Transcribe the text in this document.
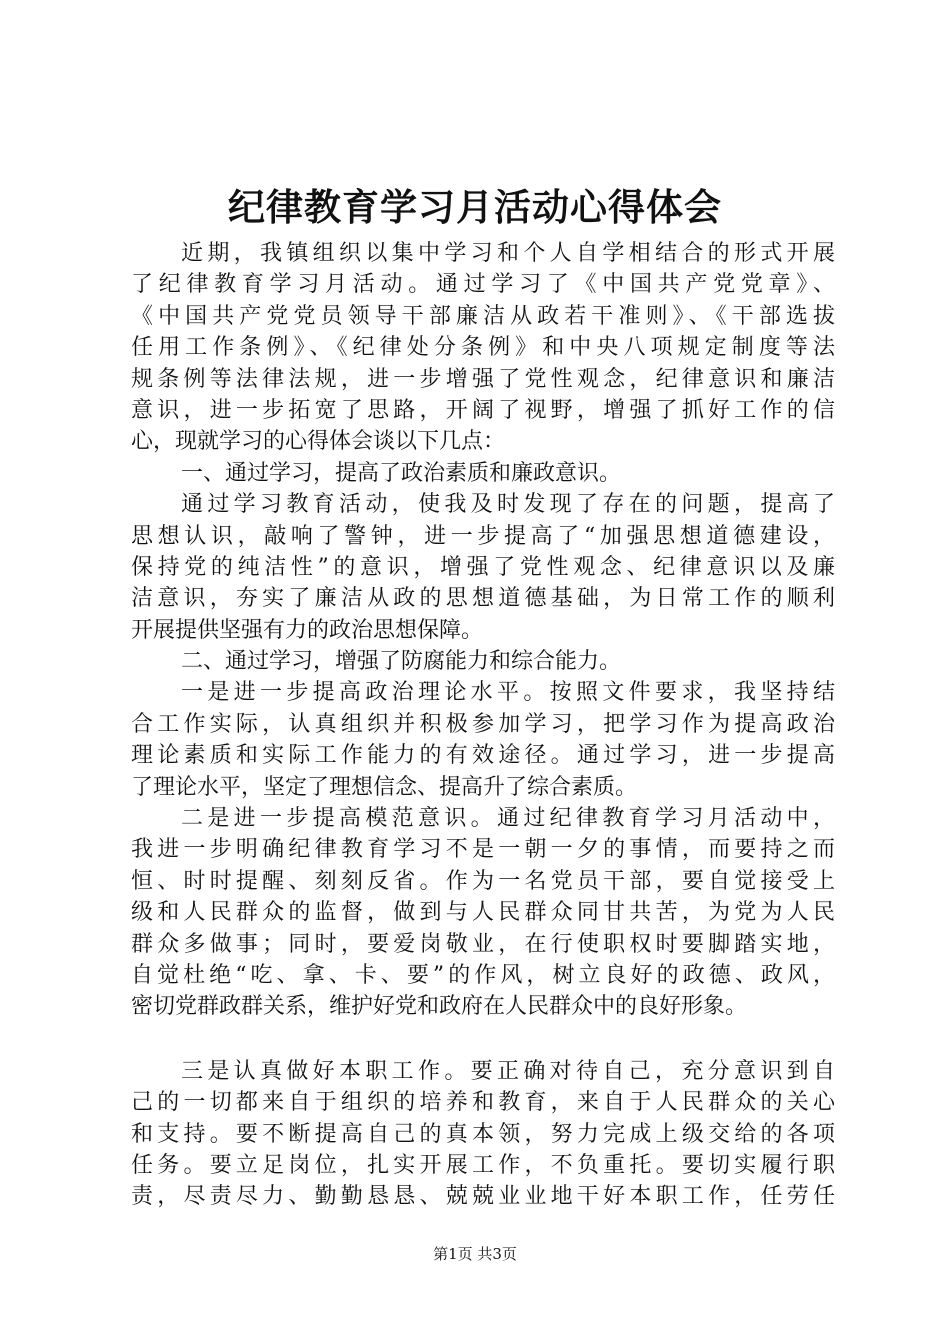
纪律教育学习月活动心得体会
近期，我镇组织以集中学习和个人自学相结合的形式开展
了纪律教育学习月活动。通过学习了《中国共产党党章》、
《中国共产党党员领导干部廉洁从政若干准则》、《干部选拔
任用工作条例》、《纪律处分条例》和中央八项规定制度等法
规条例等法律法规，进一步增强了党性观念，纪律意识和廉洁
意识，进一步拓宽了思路，开阔了视野，增强了抓好工作的信
心，现就学习的心得体会谈以下几点：
一、通过学习，提高了政治素质和廉政意识。
通过学习教育活动，使我及时发现了存在的问题，提高了
思想认识，敲响了警钟，进一步提高了“加强思想道德建设，
保持党的纯洁性”的意识，增强了党性观念、纪律意识以及廉
洁意识，夯实了廉洁从政的思想道德基础，为日常工作的顺利
开展提供坚强有力的政治思想保障。
二、通过学习，增强了防腐能力和综合能力。
一是进一步提高政治理论水平。按照文件要求，我坚持结
合工作实际，认真组织并积极参加学习，把学习作为提高政治
理论素质和实际工作能力的有效途径。通过学习，进一步提高
了理论水平，坚定了理想信念、提高升了综合素质。
二是进一步提高模范意识。通过纪律教育学习月活动中，
我进一步明确纪律教育学习不是一朝一夕的事情，而要持之而
恒、时时提醒、刻刻反省。作为一名党员干部，要自觉接受上
级和人民群众的监督，做到与人民群众同甘共苦，为党为人民
群众多做事；同时，要爱岗敬业，在行使职权时要脚踏实地，
自觉杜绝“吃、拿、卡、要”的作风，树立良好的政德、政风，
密切党群政群关系，维护好党和政府在人民群众中的良好形象。
三是认真做好本职工作。要正确对待自己，充分意识到自
己的一切都来自于组织的培养和教育，来自于人民群众的关心
和支持。要不断提高自己的真本领，努力完成上级交给的各项
任务。要立足岗位，扎实开展工作，不负重托。要切实履行职
责，尽责尽力、勤勤恳恳、兢兢业业地干好本职工作，任劳任
第1页 共3页
